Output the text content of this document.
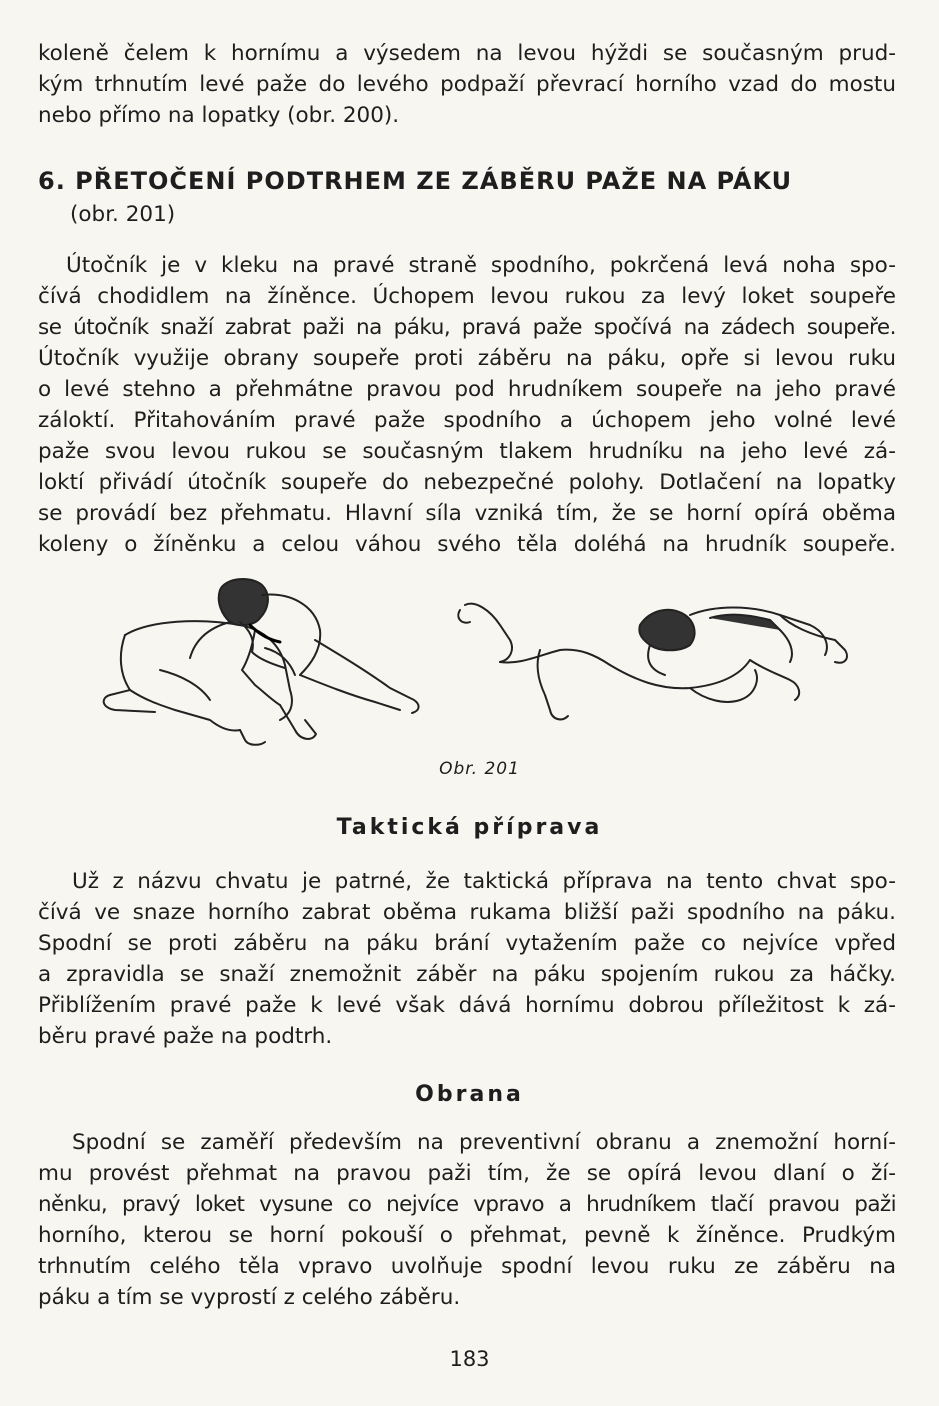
koleně čelem k hornímu a výsedem na levou hýždi se současným prud-
kým trhnutím levé paže do levého podpaží převrací horního vzad do mostu
nebo přímo na lopatky (obr. 200).

6. PŘETOČENÍ PODTRHEM ZE ZÁBĚRU PAŽE NA PÁKU
(obr. 201)

Útočník je v kleku na pravé straně spodního, pokrčená levá noha spo-
čívá chodidlem na žíněnce. Úchopem levou rukou za levý loket soupeře
se útočník snaží zabrat paži na páku, pravá paže spočívá na zádech soupeře.
Útočník využije obrany soupeře proti záběru na páku, opře si levou ruku
o levé stehno a přehmátne pravou pod hrudníkem soupeře na jeho pravé
záloktí. Přitahováním pravé paže spodního a úchopem jeho volné levé
paže svou levou rukou se současným tlakem hrudníku na jeho levé zá-
loktí přivádí útočník soupeře do nebezpečné polohy. Dotlačení na lopatky
se provádí bez přehmatu. Hlavní síla vzniká tím, že se horní opírá oběma
koleny o žíněnku a celou váhou svého těla doléhá na hrudník soupeře.

Obr. 201
Taktická příprava

Už z názvu chvatu je patrné, že taktická příprava na tento chvat spo-
čívá ve snaze horního zabrat oběma rukama bližší paži spodního na páku.
Spodní se proti záběru na páku brání vytažením paže co nejvíce vpřed
a zpravidla se snaží znemožnit záběr na páku spojením rukou za háčky.
Přiblížením pravé paže k levé však dává hornímu dobrou příležitost k zá-
běru pravé paže na podtrh.

Obrana

Spodní se zaměří především na preventivní obranu a znemožní horní-
mu provést přehmat na pravou paži tím, že se opírá levou dlaní o ží-
něnku, pravý loket vysune co nejvíce vpravo a hrudníkem tlačí pravou paži
horního, kterou se horní pokouší o přehmat, pevně k žíněnce. Prudkým
trhnutím celého těla vpravo uvolňuje spodní levou ruku ze záběru na
páku a tím se vyprostí z celého záběru.

183
